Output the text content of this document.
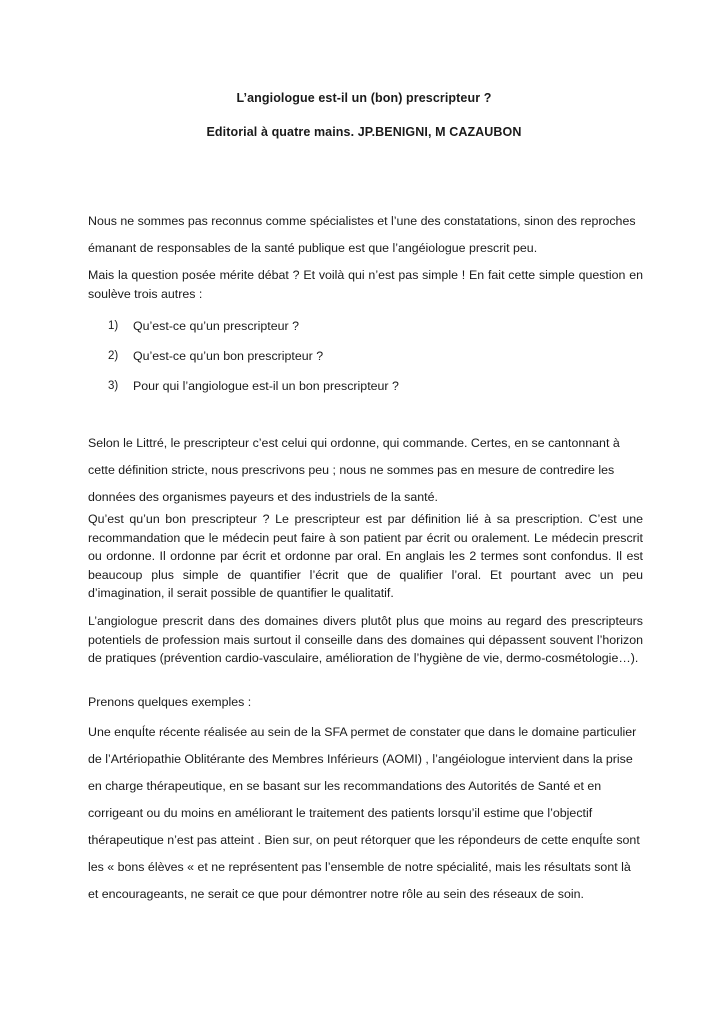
L’angiologue est-il un (bon) prescripteur ?
Editorial à quatre mains. JP.BENIGNI, M CAZAUBON
Nous ne sommes pas reconnus comme spécialistes et l’une des constatations, sinon des reproches émanant de responsables de la santé publique est que l’angéiologue prescrit peu.
Mais la question posée mérite débat ? Et voilà qui n’est pas simple ! En fait cette simple question en soulève trois autres :
1) Qu’est-ce qu’un prescripteur ?
2) Qu’est-ce qu’un bon prescripteur ?
3) Pour qui l’angiologue est-il un bon prescripteur ?
Selon le Littré, le prescripteur c’est celui qui ordonne, qui commande. Certes, en se cantonnant à cette définition stricte, nous prescrivons peu ; nous ne sommes pas en mesure de contredire les données des organismes payeurs et des industriels de la santé.
Qu’est qu’un bon prescripteur ? Le prescripteur est par définition lié à sa prescription. C’est une recommandation que le médecin peut faire à son patient par écrit ou oralement. Le médecin prescrit ou ordonne. Il ordonne par écrit et ordonne par oral. En anglais les 2 termes sont confondus. Il est beaucoup plus simple de quantifier l’écrit que de qualifier l’oral. Et pourtant avec un peu d’imagination, il serait possible de quantifier le qualitatif.
L’angiologue prescrit dans des domaines divers plutôt plus que moins au regard des prescripteurs potentiels de profession mais surtout il conseille dans des domaines qui dépassent souvent l’horizon de pratiques (prévention cardio-vasculaire, amélioration de l’hygiène de vie, dermo-cosmétologie…).
Prenons quelques exemples :
Une enquÍte récente réalisée au sein de la SFA permet de constater que dans le domaine particulier de l’Artériopathie Oblitérante des Membres Inférieurs (AOMI) , l’angéiologue intervient dans la prise en charge thérapeutique, en se basant sur les recommandations des Autorités de Santé et en corrigeant ou du moins en améliorant le traitement des patients lorsqu’il estime que l’objectif thérapeutique n’est pas atteint . Bien sur, on peut rétorquer que les répondeurs de cette enquÍte sont les « bons élèves « et ne représentent pas l’ensemble de notre spécialité, mais les résultats sont là et encourageants, ne serait ce que pour démontrer notre rôle au sein des réseaux de soin.
